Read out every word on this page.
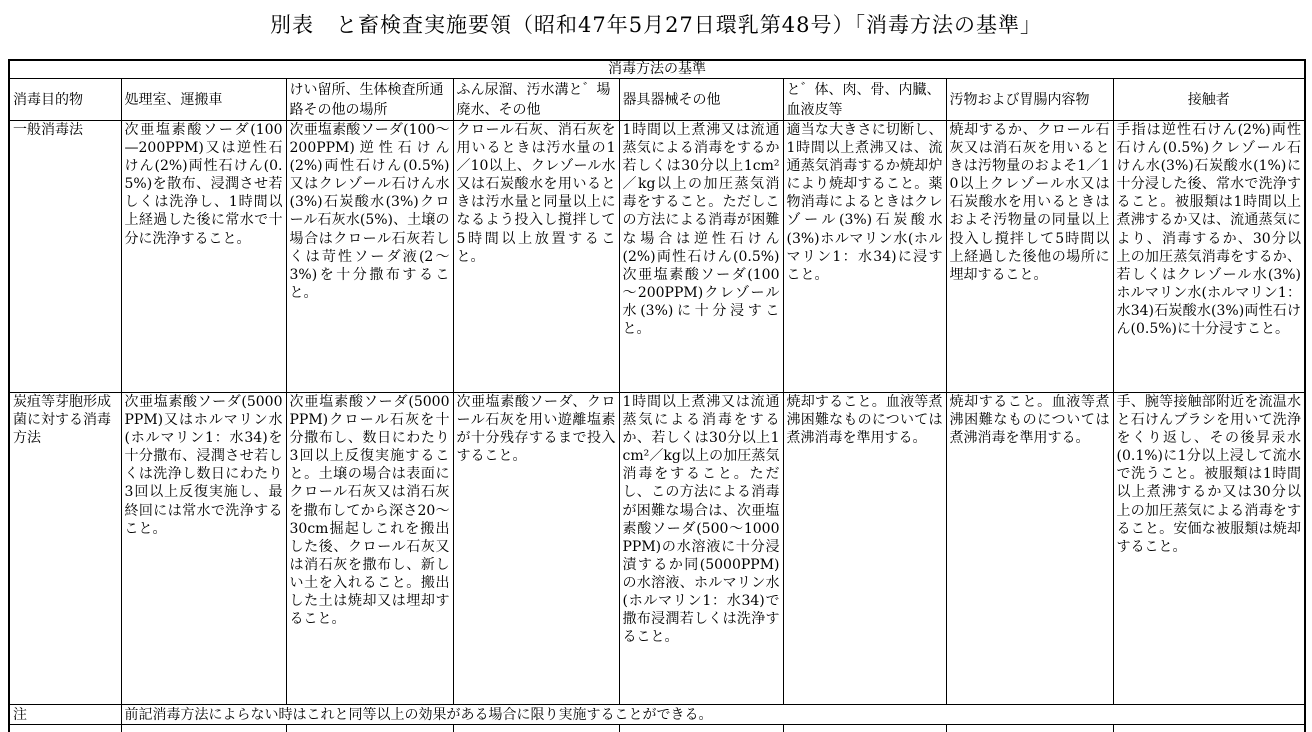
別表　と畜検査実施要領（昭和47年5月27日環乳第48号）「消毒方法の基準」
消毒方法の基準							
消毒目的物	処理室、運搬車	けい留所、生体検査所通路その他の場所	ふん尿溜、汚水溝と゛場廃水、その他	器具器械その他	と゛体、肉、骨、内臓、血液皮等	汚物および胃腸内容物	接触者
一般消毒法	次亜塩素酸ソーダ(100—200PPM)又は逆性石けん(2%)両性石けん(0.5%)を散布、浸潤させ若しくは洗浄し、1時間以上経過した後に常水で十分に洗浄すること。	次亜塩素酸ソーダ(100～200PPM)逆性石けん(2%)両性石けん(0.5%)又はクレゾール石けん水(3%)石炭酸水(3%)クロール石灰水(5%)、土壌の場合はクロール石灰若しくは苛性ソーダ液(2～3%)を十分撒布すること。	クロール石灰、消石灰を用いるときは汚水量の1／10以上、クレゾール水又は石炭酸水を用いるときは汚水量と同量以上になるよう投入し撹拌して5時間以上放置すること。	1時間以上煮沸又は流通蒸気による消毒をするか若しくは30分以上1cm²／kg以上の加圧蒸気消毒をすること。ただしこの方法による消毒が困難な場合は逆性石けん(2%)両性石けん(0.5%)次亜塩素酸ソーダ(100～200PPM)クレゾール水(3%)に十分浸すこと。	適当な大きさに切断し、1時間以上煮沸又は、流通蒸気消毒するか焼却炉により焼却すること。薬物消毒によるときはクレゾール(3%)石炭酸水(3%)ホルマリン水(ホルマリン1：水34)に浸すこと。	焼却するか、クロール石灰又は消石灰を用いるときは汚物量のおよそ1／10以上クレゾール水又は石炭酸水を用いるときはおよそ汚物量の同量以上投入し撹拌して5時間以上経過した後他の場所に埋却すること。	手指は逆性石けん(2%)両性石けん(0.5%)クレゾール石けん水(3%)石炭酸水(1%)に十分浸した後、常水で洗浄すること。被服類は1時間以上煮沸するか又は、流通蒸気により、消毒するか、30分以上の加圧蒸気消毒をするか、若しくはクレゾール水(3%)ホルマリン水(ホルマリン1：水34)石炭酸水(3%)両性石けん(0.5%)に十分浸すこと。
炭疽等芽胞形成菌に対する消毒方法	次亜塩素酸ソーダ(5000PPM)又はホルマリン水(ホルマリン1：水34)を十分撒布、浸潤させ若しくは洗浄し数日にわたり3回以上反復実施し、最終回には常水で洗浄すること。	次亜塩素酸ソーダ(5000PPM)クロール石灰を十分撒布し、数日にわたり3回以上反復実施すること。土壌の場合は表面にクロール石灰又は消石灰を撒布してから深さ20～30cm掘起しこれを搬出した後、クロール石灰又は消石灰を撒布し、新しい土を入れること。搬出した土は焼却又は埋却すること。	次亜塩素酸ソーダ、クロール石灰を用い遊離塩素が十分残存するまで投入すること。	1時間以上煮沸又は流通蒸気による消毒をするか、若しくは30分以上1cm²／kg以上の加圧蒸気消毒をすること。ただし、この方法による消毒が困難な場合は、次亜塩素酸ソーダ(500～1000PPM)の水溶液に十分浸漬するか同(5000PPM)の水溶液、ホルマリン水(ホルマリン1：水34)で撒布浸潤若しくは洗浄すること。	焼却すること。血液等煮沸困難なものについては煮沸消毒を準用する。	焼却すること。血液等煮沸困難なものについては煮沸消毒を準用する。	手、腕等接触部附近を流温水と石けんブラシを用いて洗浄をくり返し、その後昇汞水(0.1%)に1分以上浸して流水で洗うこと。被服類は1時間以上煮沸するか又は30分以上の加圧蒸気による消毒をすること。安価な被服類は焼却すること。
注	前記消毒方法によらない時はこれと同等以上の効果がある場合に限り実施することができる。						
